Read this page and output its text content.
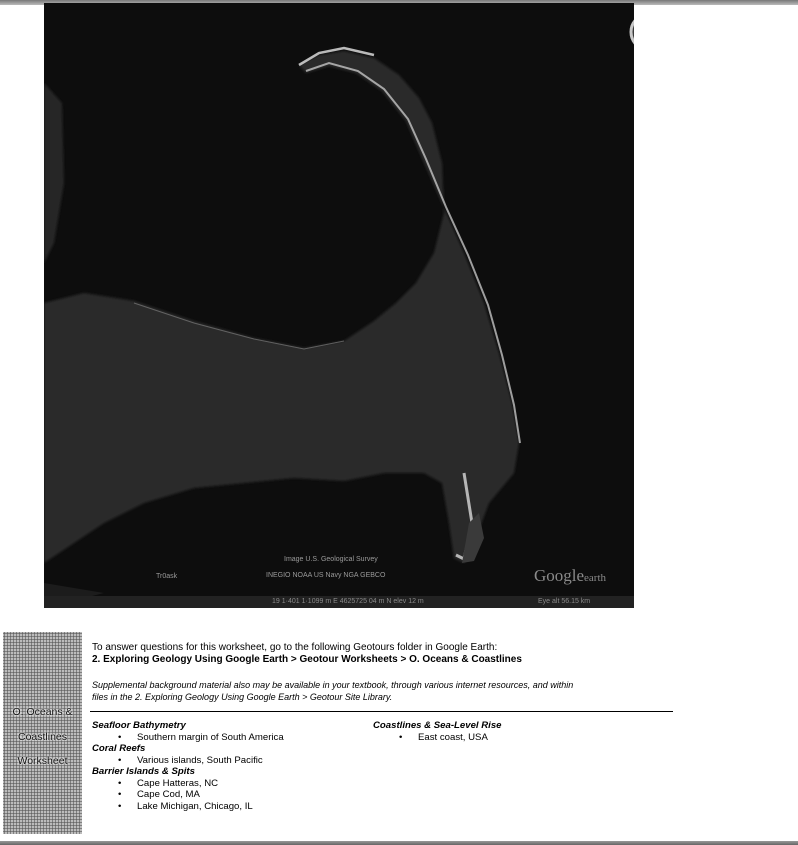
Image U.S. Geological Survey
INEGIO NOAA US Navy NGA GEBCO
Tr0ask	Googleearth
19 1·401 1·1099 m E 4625725 04 m N elev 12 m	Eye alt 56.15 km
O. Oceans &
Coastlines
Worksheet
To answer questions for this worksheet, go to the following Geotours folder in Google Earth:
2. Exploring Geology Using Google Earth > Geotour Worksheets > O. Oceans & Coastlines
Supplemental background material also may be available in your textbook, through various internet resources, and within
files in the 2. Exploring Geology Using Google Earth > Geotour Site Library.
Seafloor Bathymetry
• Southern margin of South America
Coral Reefs
• Various islands, South Pacific
Barrier Islands & Spits
• Cape Hatteras, NC
• Cape Cod, MA
• Lake Michigan, Chicago, IL
Coastlines & Sea-Level Rise
• East coast, USA
